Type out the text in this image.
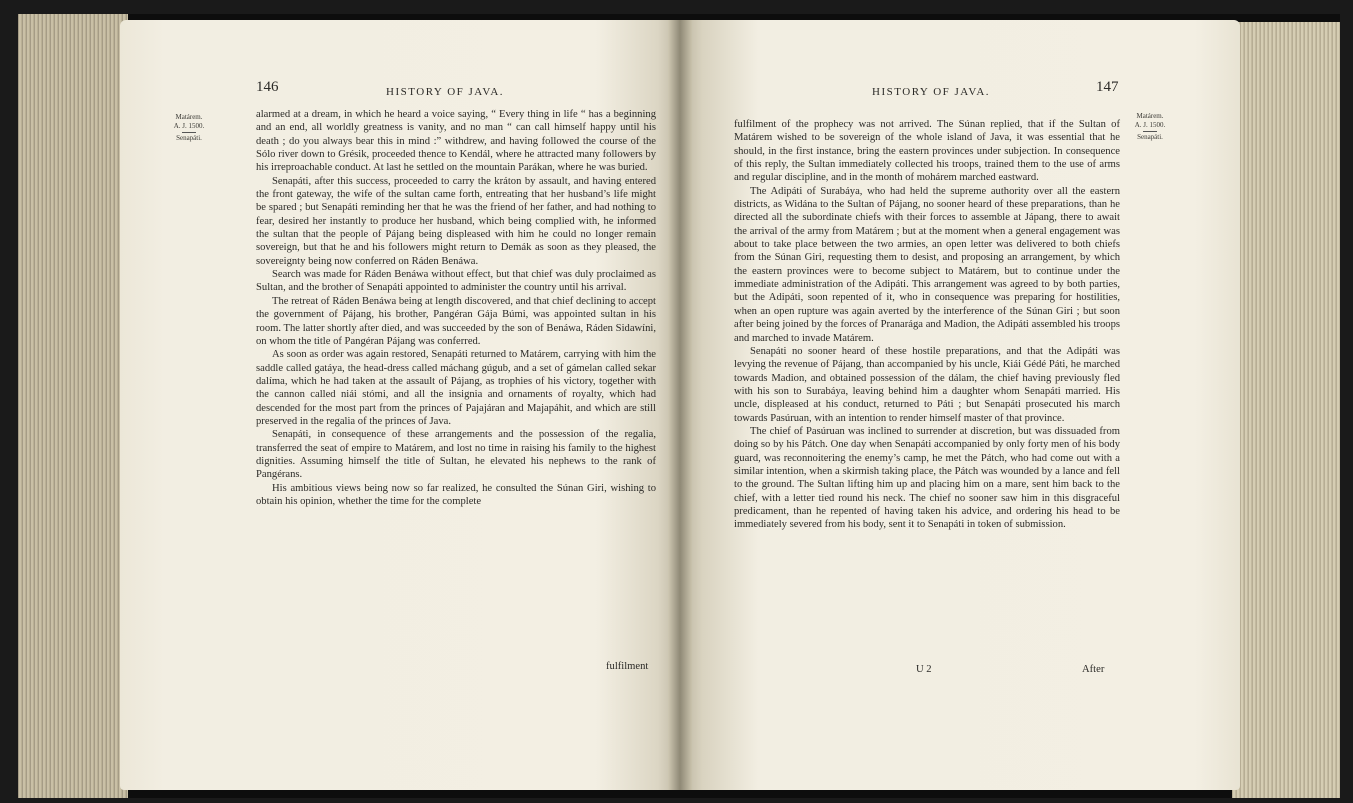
146	HISTORY OF JAVA.
Matárem.
A. J. 1500.
Senapáti.

alarmed at a dream, in which he heard a voice saying, “ Every thing in life “ has a beginning and an end, all worldly greatness is vanity, and no man “ can call himself happy until his death ; do you always bear this in mind :” withdrew, and having followed the course of the Sólo river down to Grésik, proceeded thence to Kendál, where he attracted many followers by his irreproachable conduct. At last he settled on the mountain Parákan, where he was buried.

Senapáti, after this success, proceeded to carry the kráton by assault, and having entered the front gateway, the wife of the sultan came forth, entreating that her husband’s life might be spared ; but Senapáti reminding her that he was the friend of her father, and had nothing to fear, desired her instantly to produce her husband, which being complied with, he informed the sultan that the people of Pájang being displeased with him he could no longer remain sovereign, but that he and his followers might return to Demák as soon as they pleased, the sovereignty being now conferred on Ráden Benáwa.

Search was made for Ráden Benáwa without effect, but that chief was duly proclaimed as Sultan, and the brother of Senapáti appointed to administer the country until his arrival.

The retreat of Ráden Benáwa being at length discovered, and that chief declining to accept the government of Pájang, his brother, Pangéran Gája Búmi, was appointed sultan in his room. The latter shortly after died, and was succeeded by the son of Benáwa, Ráden Sidawíni, on whom the title of Pangéran Pájang was conferred.

As soon as order was again restored, Senapáti returned to Matárem, carrying with him the saddle called gatáya, the head-dress called máchang gúgub, and a set of gámelan called sekar dalíma, which he had taken at the assault of Pájang, as trophies of his victory, together with the cannon called niái stómi, and all the insignia and ornaments of royalty, which had descended for the most part from the princes of Pajajáran and Majapáhit, and which are still preserved in the regalia of the princes of Java.

Senapáti, in consequence of these arrangements and the possession of the regalia, transferred the seat of empire to Matárem, and lost no time in raising his family to the highest dignities. Assuming himself the title of Sultan, he elevated his nephews to the rank of Pangérans.

His ambitious views being now so far realized, he consulted the Súnan Giri, wishing to obtain his opinion, whether the time for the complete

fulfilment
HISTORY OF JAVA.	147
Matárem.
A. J. 1500.
Senapáti.

fulfilment of the prophecy was not arrived. The Súnan replied, that if the Sultan of Matárem wished to be sovereign of the whole island of Java, it was essential that he should, in the first instance, bring the eastern provinces under subjection. In consequence of this reply, the Sultan immediately collected his troops, trained them to the use of arms and regular discipline, and in the month of mohárem marched eastward.

The Adipáti of Surabáya, who had held the supreme authority over all the eastern districts, as Widána to the Sultan of Pájang, no sooner heard of these preparations, than he directed all the subordinate chiefs with their forces to assemble at Jápang, there to await the arrival of the army from Matárem ; but at the moment when a general engagement was about to take place between the two armies, an open letter was delivered to both chiefs from the Súnan Giri, requesting them to desist, and proposing an arrangement, by which the eastern provinces were to become subject to Matárem, but to continue under the immediate administration of the Adipáti. This arrangement was agreed to by both parties, but the Adipáti, soon repented of it, who in consequence was preparing for hostilities, when an open rupture was again averted by the interference of the Súnan Giri ; but soon after being joined by the forces of Pranarága and Madion, the Adipáti assembled his troops and marched to invade Matárem.

Senapáti no sooner heard of these hostile preparations, and that the Adipáti was levying the revenue of Pájang, than accompanied by his uncle, Kiái Gédé Páti, he marched towards Madion, and obtained possession of the dálam, the chief having previously fled with his son to Surabáya, leaving behind him a daughter whom Senapáti married. His uncle, displeased at his conduct, returned to Páti ; but Senapáti prosecuted his march towards Pasúruan, with an intention to render himself master of that province.

The chief of Pasúruan was inclined to surrender at discretion, but was dissuaded from doing so by his Pátch. One day when Senapáti accompanied by only forty men of his body guard, was reconnoitering the enemy’s camp, he met the Pátch, who had come out with a similar intention, when a skirmish taking place, the Pátch was wounded by a lance and fell to the ground. The Sultan lifting him up and placing him on a mare, sent him back to the chief, with a letter tied round his neck. The chief no sooner saw him in this disgraceful predicament, than he repented of having taken his advice, and ordering his head to be immediately severed from his body, sent it to Senapáti in token of submission.

U 2	After
